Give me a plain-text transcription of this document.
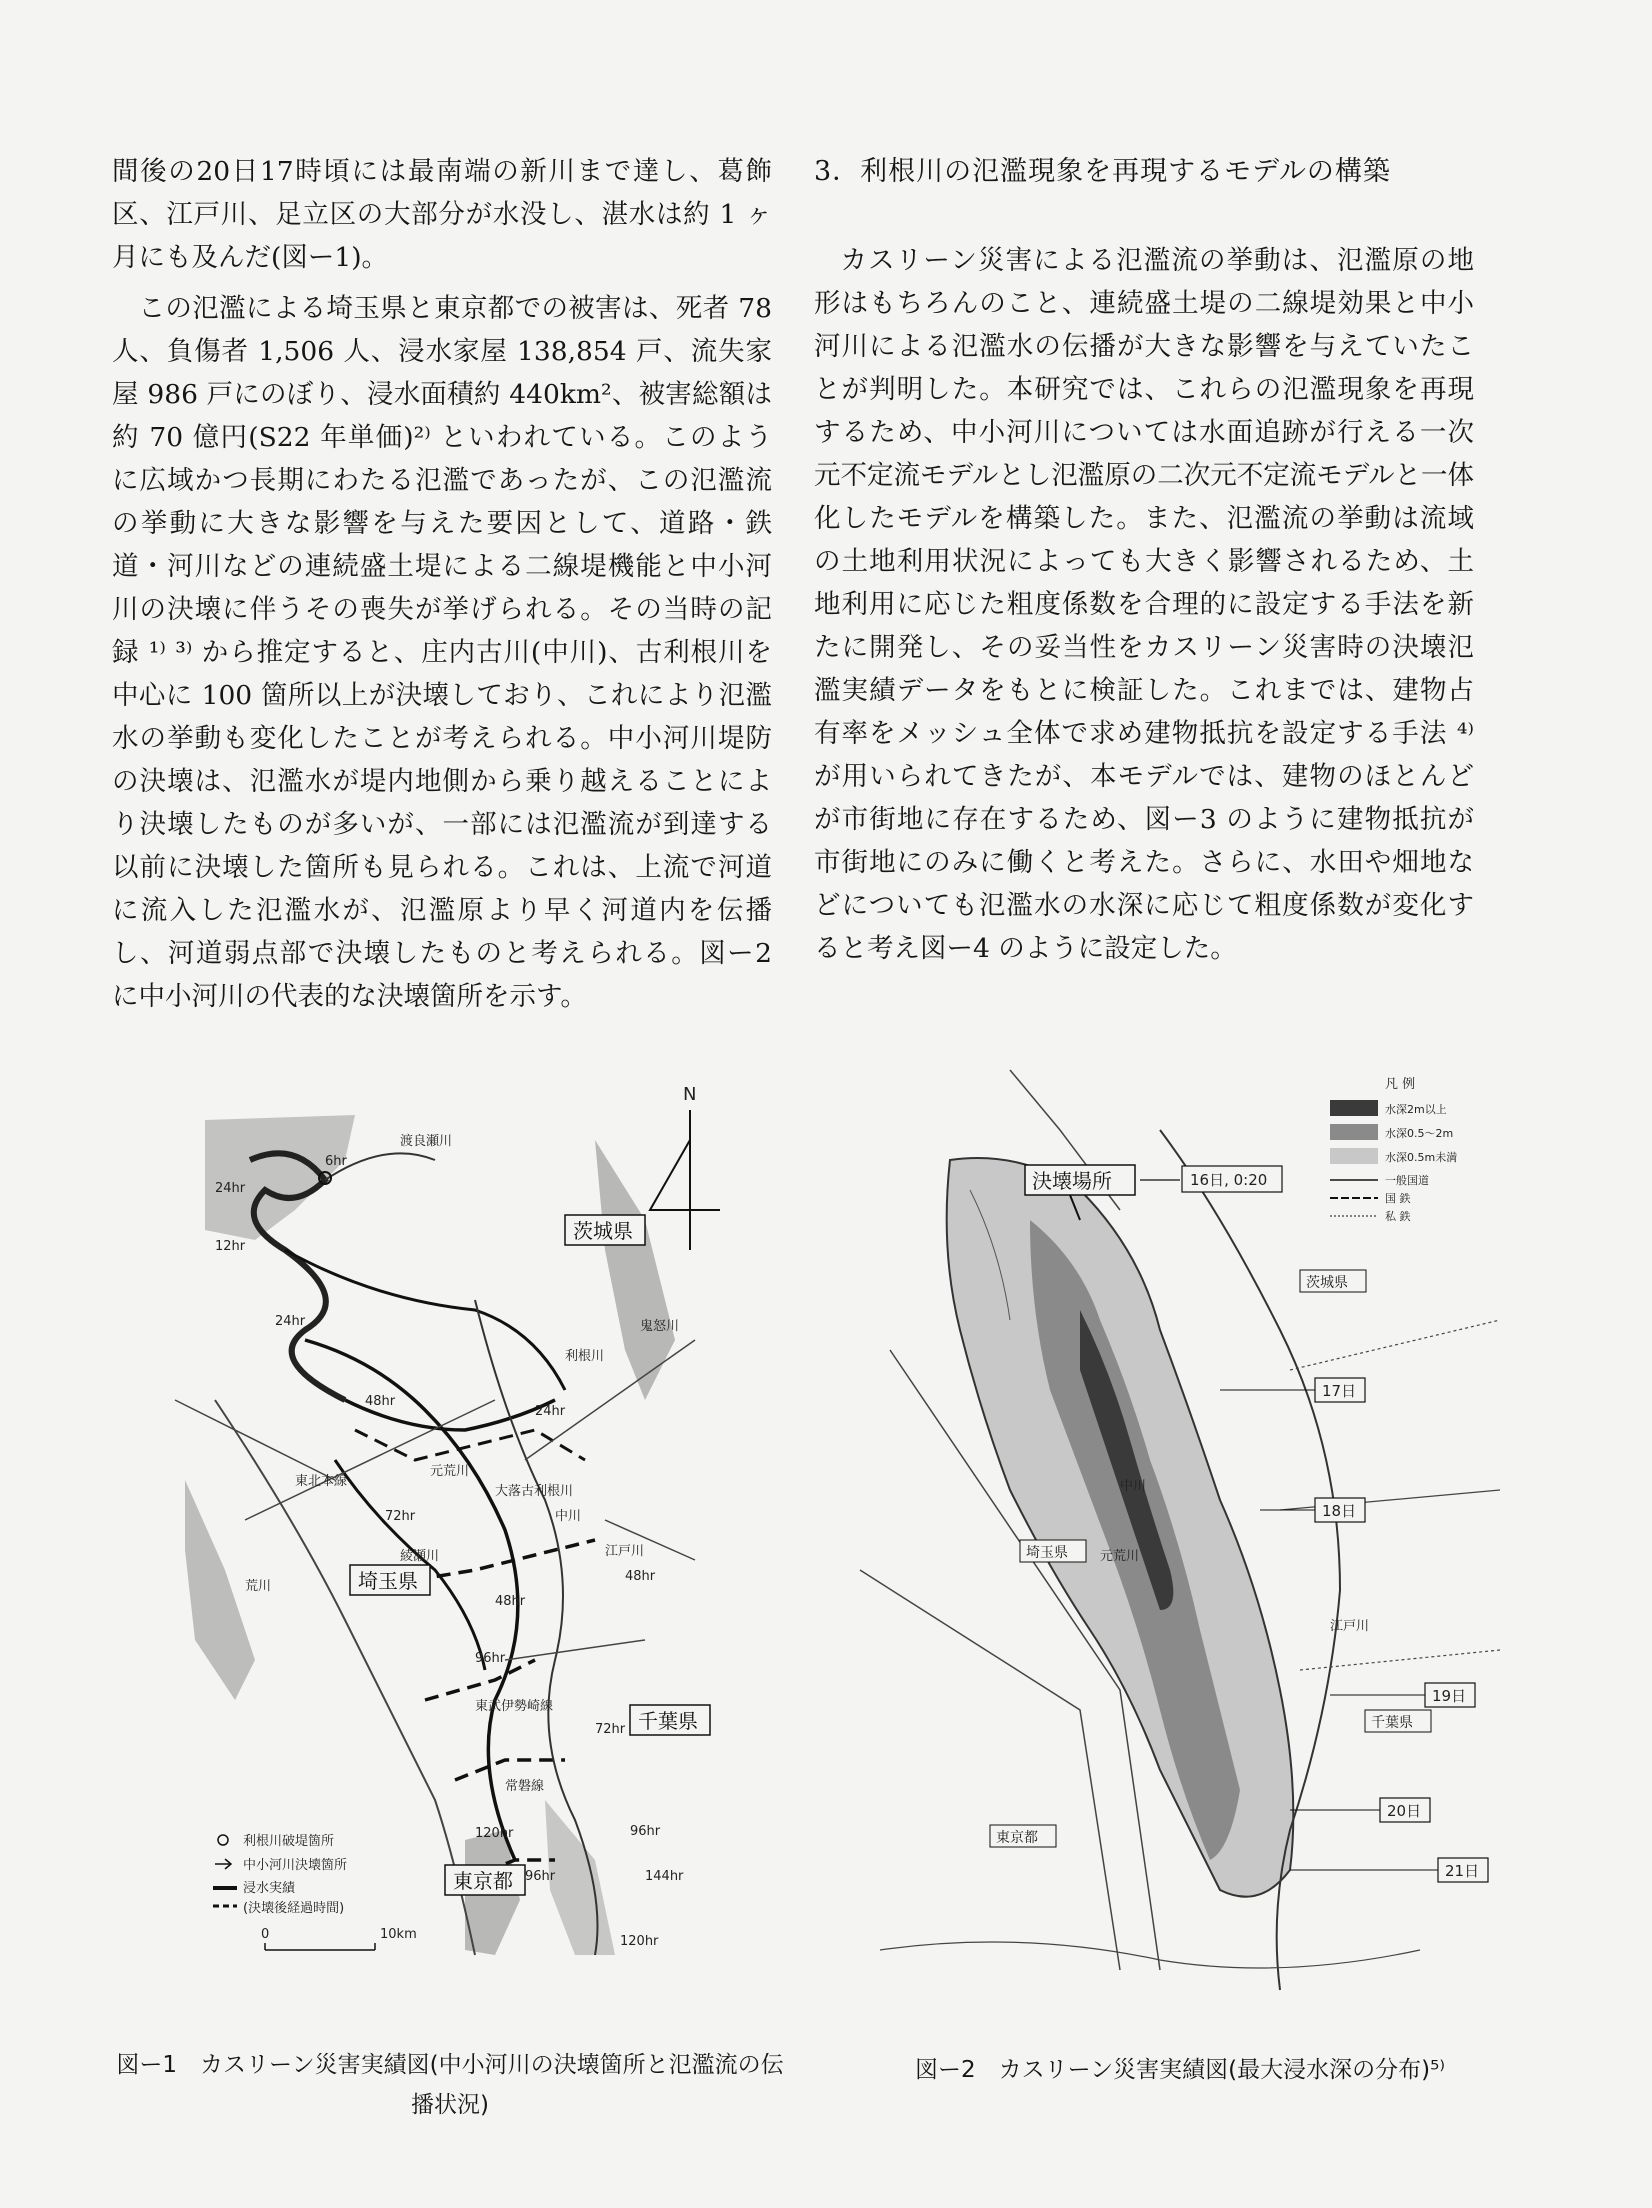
間後の20日17時頃には最南端の新川まで達し、葛飾区、江戸川、足立区の大部分が水没し、湛水は約 1 ヶ月にも及んだ(図ー1)。

この氾濫による埼玉県と東京都での被害は、死者 78 人、負傷者 1,506 人、浸水家屋 138,854 戸、流失家屋 986 戸にのぼり、浸水面積約 440km²、被害総額は約 70 億円(S22 年単価)²⁾ といわれている。このように広域かつ長期にわたる氾濫であったが、この氾濫流の挙動に大きな影響を与えた要因として、道路・鉄道・河川などの連続盛土堤による二線堤機能と中小河川の決壊に伴うその喪失が挙げられる。その当時の記録 ¹⁾ ³⁾ から推定すると、庄内古川(中川)、古利根川を中心に 100 箇所以上が決壊しており、これにより氾濫水の挙動も変化したことが考えられる。中小河川堤防の決壊は、氾濫水が堤内地側から乗り越えることにより決壊したものが多いが、一部には氾濫流が到達する以前に決壊した箇所も見られる。これは、上流で河道に流入した氾濫水が、氾濫原より早く河道内を伝播し、河道弱点部で決壊したものと考えられる。図ー2 に中小河川の代表的な決壊箇所を示す。

3．利根川の氾濫現象を再現するモデルの構築

カスリーン災害による氾濫流の挙動は、氾濫原の地形はもちろんのこと、連続盛土堤の二線堤効果と中小河川による氾濫水の伝播が大きな影響を与えていたことが判明した。本研究では、これらの氾濫現象を再現するため、中小河川については水面追跡が行える一次元不定流モデルとし氾濫原の二次元不定流モデルと一体化したモデルを構築した。また、氾濫流の挙動は流域の土地利用状況によっても大きく影響されるため、土地利用に応じた粗度係数を合理的に設定する手法を新たに開発し、その妥当性をカスリーン災害時の決壊氾濫実績データをもとに検証した。これまでは、建物占有率をメッシュ全体で求め建物抵抗を設定する手法 ⁴⁾ が用いられてきたが、本モデルでは、建物のほとんどが市街地に存在するため、図ー3 のように建物抵抗が市街地にのみに働くと考えた。さらに、水田や畑地などについても氾濫水の水深に応じて粗度係数が変化すると考え図ー4 のように設定した。

N
6hr
24hr
12hr
24hr
48hr
24hr
72hr
48hr
48hr
96hr
72hr
120hr	96hr
96hr	144hr
120hr
渡良瀬川
鬼怒川
利根川
東北本線
元荒川
大落古利根川
中川
江戸川
綾瀬川
荒川
東武伊勢崎線
常磐線
茨城県
埼玉県
千葉県
東京都
利根川破堤箇所
中小河川決壊箇所
浸水実績
(決壊後経過時間)
0	10km
図ー1　カスリーン災害実績図(中小河川の決壊箇所と氾濫流の伝
播状況)
決壊場所	16日, 0:20
凡 例
水深2m以上
水深0.5～2m
水深0.5m未満
一般国道
国 鉄
私 鉄
茨城県
埼玉県
千葉県
東京都
17日
18日
19日
20日
21日
江戸川
中川
元荒川
図ー2　カスリーン災害実績図(最大浸水深の分布)⁵⁾
